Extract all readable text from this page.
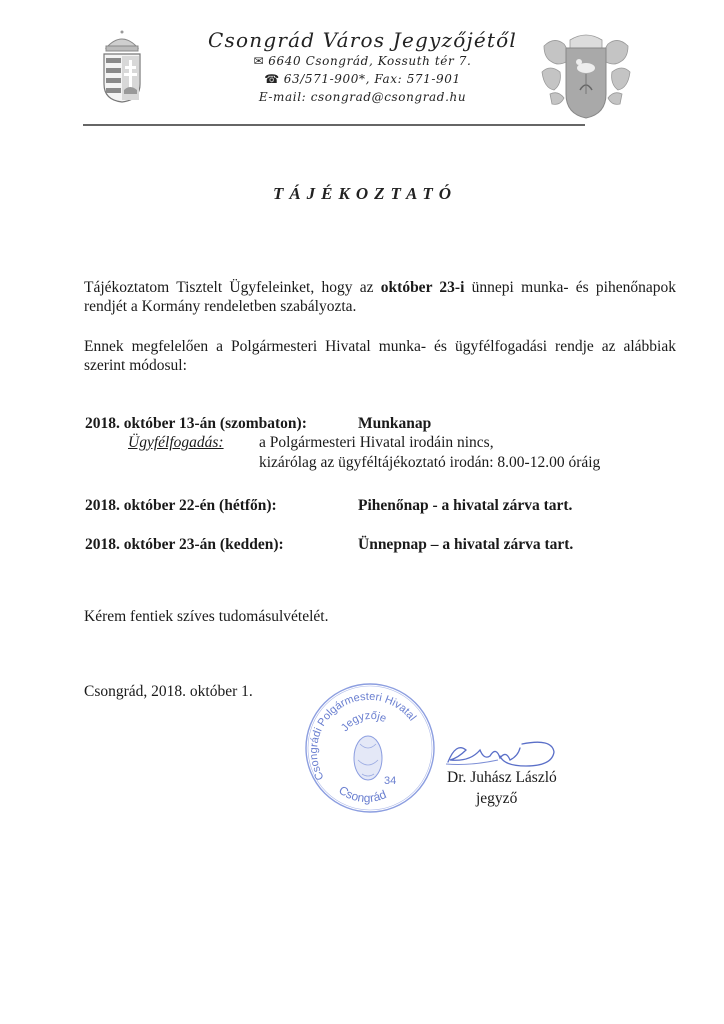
Csongrád Város Jegyzőjétől
✉ 6640 Csongrád, Kossuth tér 7.
☎ 63/571-900*, Fax: 571-901
E-mail: csongrad@csongrad.hu
TÁJÉKOZTATÓ
Tájékoztatom Tisztelt Ügyfeleinket, hogy az október 23-i ünnepi munka- és pihenőnapok rendjét a Kormány rendeletben szabályozta.
Ennek megfelelően a Polgármesteri Hivatal munka- és ügyfélfogadási rendje az alábbiak szerint módosul:
2018. október 13-án (szombaton):	Munkanap
Ügyfélfogadás: a Polgármesteri Hivatal irodáin nincs,
kizárólag az ügyféltájékoztató irodán: 8.00-12.00 óráig
2018. október 22-én (hétfőn):	Pihenőnap - a hivatal zárva tart.
2018. október 23-án (kedden):	Ünnepnap – a hivatal zárva tart.
Kérem fentiek szíves tudomásulvételét.
Csongrád, 2018. október 1.
Csongrádi Polgármesteri Hivatal
Jegyzője
34
Csongrád
Dr. Juhász László
jegyző
